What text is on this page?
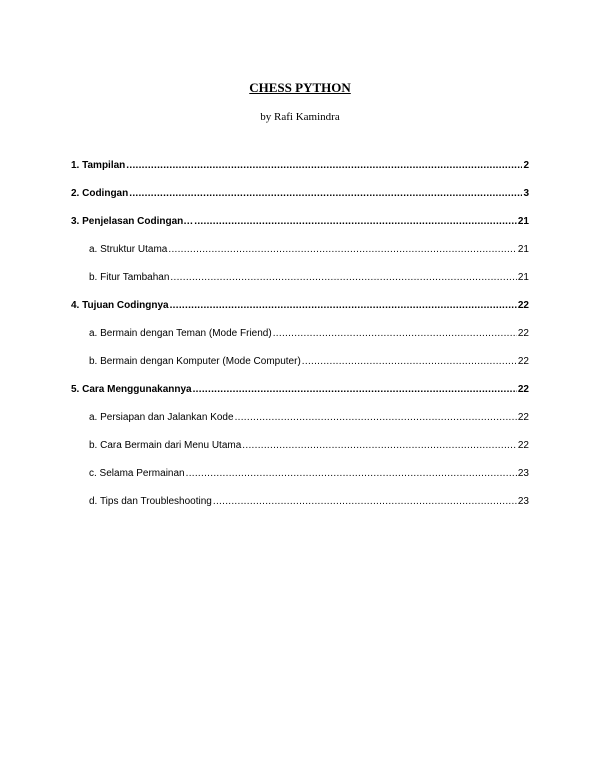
CHESS PYTHON

by Rafi Kamindra

1. Tampilan .....	2
2. Codingan .....	3
3. Penjelasan Codingan… .....	21
a. Struktur Utama .....	21
b. Fitur Tambahan .....	21
4. Tujuan Codingnya .....	22
a. Bermain dengan Teman (Mode Friend) .....	22
b. Bermain dengan Komputer (Mode Computer) .....	22
5. Cara Menggunakannya .....	22
a. Persiapan dan Jalankan Kode .....	22
b. Cara Bermain dari Menu Utama .....	22
c. Selama Permainan .....	23
d. Tips dan Troubleshooting .....	23
